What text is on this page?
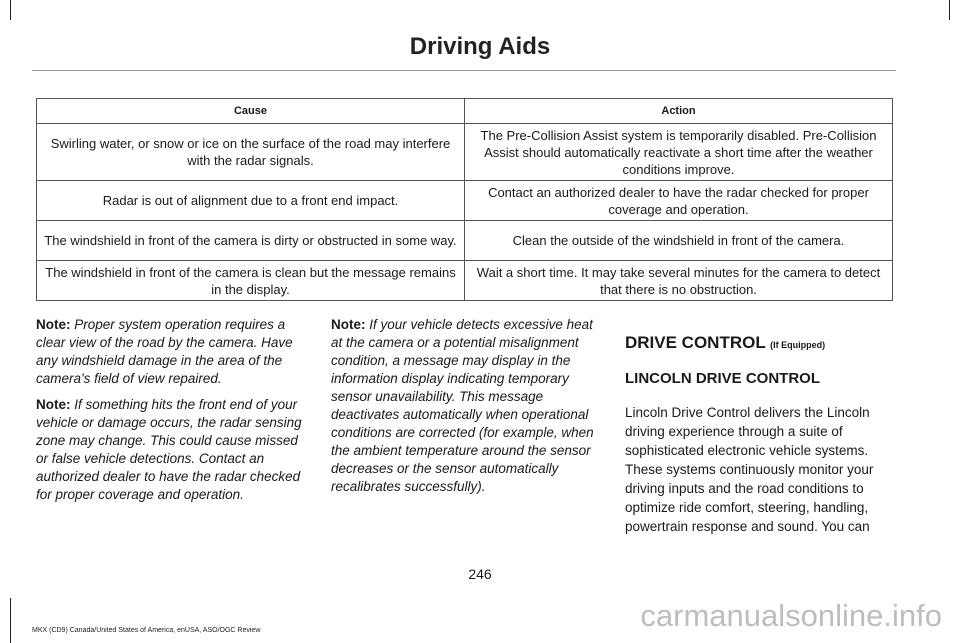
Driving Aids
Cause	Action
Swirling water, or snow or ice on the surface of the road may interfere with the radar signals.	The Pre-Collision Assist system is temporarily disabled. Pre-Collision Assist should automatically reactivate a short time after the weather conditions improve.
Radar is out of alignment due to a front end impact.	Contact an authorized dealer to have the radar checked for proper coverage and operation.
The windshield in front of the camera is dirty or obstructed in some way.	Clean the outside of the windshield in front of the camera.
The windshield in front of the camera is clean but the message remains in the display.	Wait a short time. It may take several minutes for the camera to detect that there is no obstruction.

Note: Proper system operation requires a clear view of the road by the camera. Have any windshield damage in the area of the camera's field of view repaired.

Note: If something hits the front end of your vehicle or damage occurs, the radar sensing zone may change. This could cause missed or false vehicle detections. Contact an authorized dealer to have the radar checked for proper coverage and operation.

Note: If your vehicle detects excessive heat at the camera or a potential misalignment condition, a message may display in the information display indicating temporary sensor unavailability. This message deactivates automatically when operational conditions are corrected (for example, when the ambient temperature around the sensor decreases or the sensor automatically recalibrates successfully).

DRIVE CONTROL (If Equipped)
LINCOLN DRIVE CONTROL

Lincoln Drive Control delivers the Lincoln driving experience through a suite of sophisticated electronic vehicle systems. These systems continuously monitor your driving inputs and the road conditions to optimize ride comfort, steering, handling, powertrain response and sound. You can

246
MKX (CD9) Canada/United States of America, enUSA, ASO/OGC Review	carmanualsonline.info
